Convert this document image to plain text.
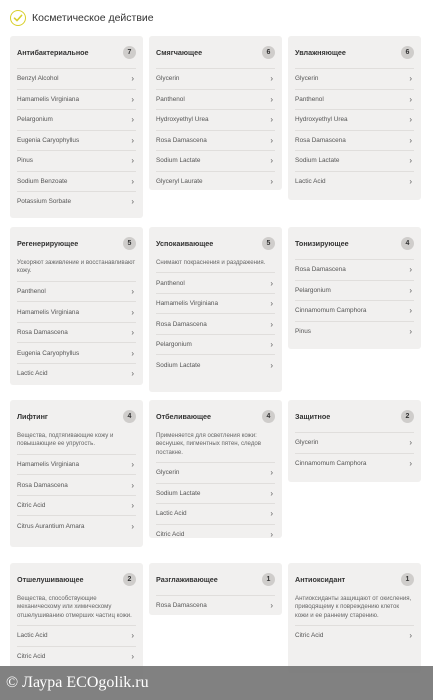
Косметическое действие
Антибактериальное	7
Benzyl Alcohol	›
Hamamelis Virginiana	›
Pelargonium	›
Eugenia Caryophyllus	›
Pinus	›
Sodium Benzoate	›
Potassium Sorbate	›
Смягчающее	6
Glycerin	›
Panthenol	›
Hydroxyethyl Urea	›
Rosa Damascena	›
Sodium Lactate	›
Glyceryl Laurate	›
Увлажняющее	6
Glycerin	›
Panthenol	›
Hydroxyethyl Urea	›
Rosa Damascena	›
Sodium Lactate	›
Lactic Acid	›
Регенерирующее	5
Ускоряют заживление и восстанавливают кожу.
Panthenol	›
Hamamelis Virginiana	›
Rosa Damascena	›
Eugenia Caryophyllus	›
Lactic Acid	›
Успокаивающее	5
Снимают покраснения и раздражения.
Panthenol	›
Hamamelis Virginiana	›
Rosa Damascena	›
Pelargonium	›
Sodium Lactate	›
Тонизирующее	4
Rosa Damascena	›
Pelargonium	›
Cinnamomum Camphora	›
Pinus	›
Лифтинг	4
Вещества, подтягивающие кожу и повышающие ее упругость.
Hamamelis Virginiana	›
Rosa Damascena	›
Citric Acid	›
Citrus Aurantium Amara	›
Отбеливающее	4
Применяется для осветления кожи: веснушек, пигментных пятен, следов постакне.
Glycerin	›
Sodium Lactate	›
Lactic Acid	›
Citric Acid	›
Защитное	2
Glycerin	›
Cinnamomum Camphora	›
Отшелушивающее	2
Вещества, способствующие механическому или химическому отшелушиванию отмерших частиц кожи.
Lactic Acid	›
Citric Acid	›
Разглаживающее	1
Rosa Damascena	›
Антиоксидант	1
Антиоксиданты защищают от окисления, приводящему к повреждению клеток кожи и ее раннему старению.
Citric Acid	›
© Лаура ECOgolik.ru
